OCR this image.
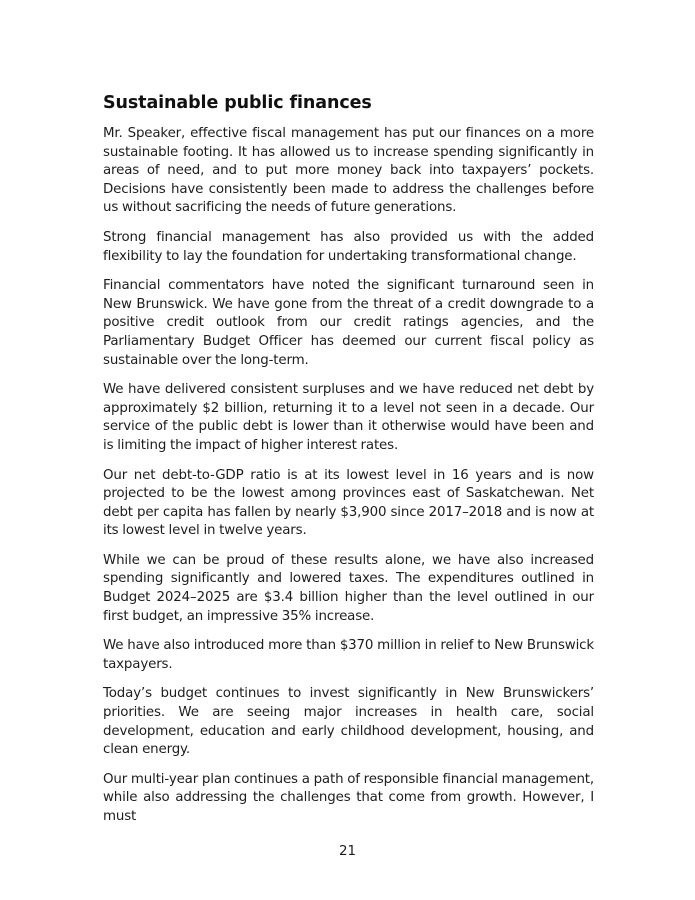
Sustainable public finances

Mr. Speaker, effective fiscal management has put our finances on a more sustainable footing. It has allowed us to increase spending significantly in areas of need, and to put more money back into taxpayers’ pockets. Decisions have consistently been made to address the challenges before us without sacrificing the needs of future generations.

Strong financial management has also provided us with the added flexibility to lay the foundation for undertaking transformational change.

Financial commentators have noted the significant turnaround seen in New Brunswick. We have gone from the threat of a credit downgrade to a positive credit outlook from our credit ratings agencies, and the Parliamentary Budget Officer has deemed our current fiscal policy as sustainable over the long-term.

We have delivered consistent surpluses and we have reduced net debt by approximately $2 billion, returning it to a level not seen in a decade. Our service of the public debt is lower than it otherwise would have been and is limiting the impact of higher interest rates.

Our net debt-to-GDP ratio is at its lowest level in 16 years and is now projected to be the lowest among provinces east of Saskatchewan. Net debt per capita has fallen by nearly $3,900 since 2017–2018 and is now at its lowest level in twelve years.

While we can be proud of these results alone, we have also increased spending significantly and lowered taxes. The expenditures outlined in Budget 2024–2025 are $3.4 billion higher than the level outlined in our first budget, an impressive 35% increase.

We have also introduced more than $370 million in relief to New Brunswick taxpayers.

Today’s budget continues to invest significantly in New Brunswickers’ priorities. We are seeing major increases in health care, social development, education and early childhood development, housing, and clean energy.

Our multi-year plan continues a path of responsible financial management, while also addressing the challenges that come from growth. However, I must

21
